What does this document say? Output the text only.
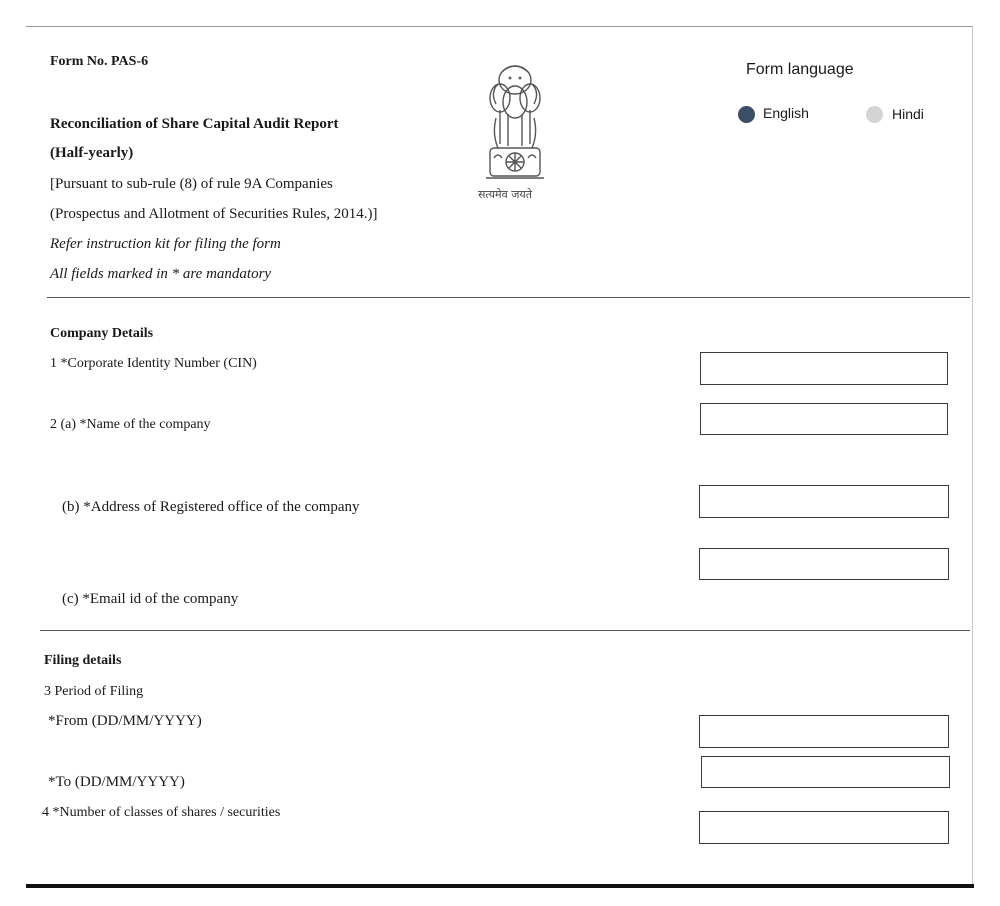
Form No. PAS-6
Reconciliation of Share Capital Audit Report
(Half-yearly)
[Pursuant to sub-rule (8) of rule 9A Companies
(Prospectus and Allotment of Securities Rules, 2014.)]
Refer instruction kit for filing the form
All fields marked in * are mandatory
सत्यमेव जयते
Form language
English	Hindi
Company Details
1 *Corporate Identity Number (CIN)
2 (a) *Name of the company
(b) *Address of Registered office of the company
(c) *Email id of the company
Filing details
3 Period of Filing
*From (DD/MM/YYYY)
*To (DD/MM/YYYY)
4 *Number of classes of shares / securities
